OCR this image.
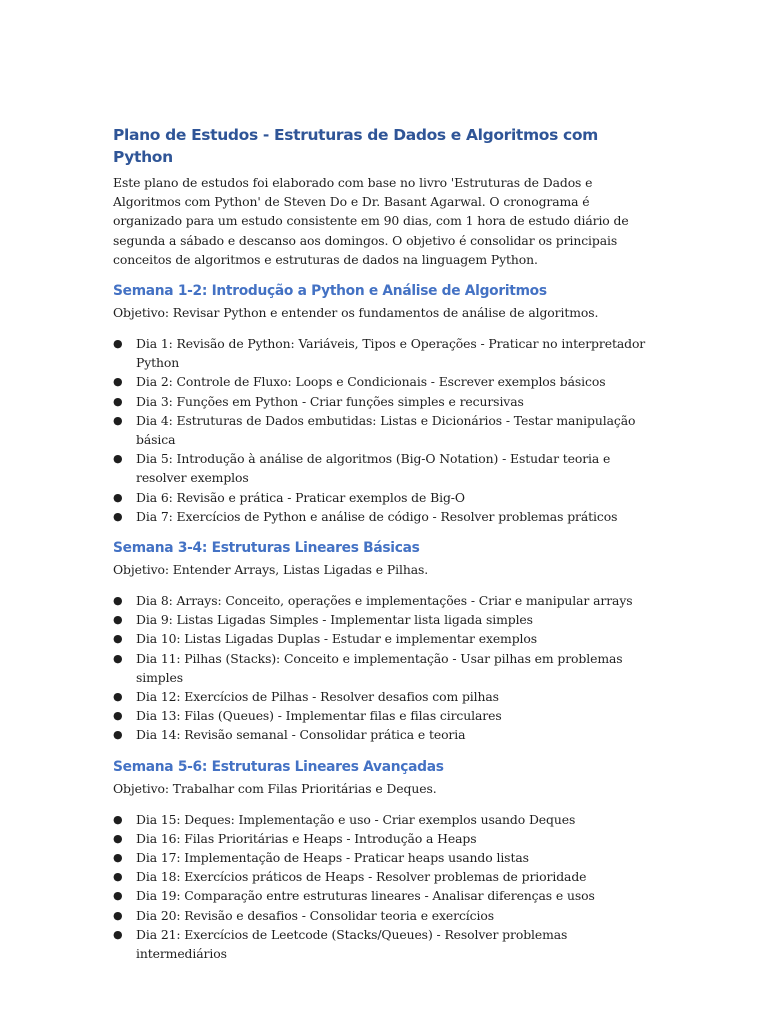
Plano de Estudos - Estruturas de Dados e Algoritmos com Python

Este plano de estudos foi elaborado com base no livro 'Estruturas de Dados e Algoritmos com Python' de Steven Do e Dr. Basant Agarwal. O cronograma é organizado para um estudo consistente em 90 dias, com 1 hora de estudo diário de segunda a sábado e descanso aos domingos. O objetivo é consolidar os principais conceitos de algoritmos e estruturas de dados na linguagem Python.

Semana 1-2: Introdução a Python e Análise de Algoritmos

Objetivo: Revisar Python e entender os fundamentos de análise de algoritmos.

● Dia 1: Revisão de Python: Variáveis, Tipos e Operações - Praticar no interpretador Python
● Dia 2: Controle de Fluxo: Loops e Condicionais - Escrever exemplos básicos
● Dia 3: Funções em Python - Criar funções simples e recursivas
● Dia 4: Estruturas de Dados embutidas: Listas e Dicionários - Testar manipulação básica
● Dia 5: Introdução à análise de algoritmos (Big-O Notation) - Estudar teoria e resolver exemplos
● Dia 6: Revisão e prática - Praticar exemplos de Big-O
● Dia 7: Exercícios de Python e análise de código - Resolver problemas práticos
Semana 3-4: Estruturas Lineares Básicas

Objetivo: Entender Arrays, Listas Ligadas e Pilhas.

● Dia 8: Arrays: Conceito, operações e implementações - Criar e manipular arrays
● Dia 9: Listas Ligadas Simples - Implementar lista ligada simples
● Dia 10: Listas Ligadas Duplas - Estudar e implementar exemplos
● Dia 11: Pilhas (Stacks): Conceito e implementação - Usar pilhas em problemas simples
● Dia 12: Exercícios de Pilhas - Resolver desafios com pilhas
● Dia 13: Filas (Queues) - Implementar filas e filas circulares
● Dia 14: Revisão semanal - Consolidar prática e teoria
Semana 5-6: Estruturas Lineares Avançadas

Objetivo: Trabalhar com Filas Prioritárias e Deques.

● Dia 15: Deques: Implementação e uso - Criar exemplos usando Deques
● Dia 16: Filas Prioritárias e Heaps - Introdução a Heaps
● Dia 17: Implementação de Heaps - Praticar heaps usando listas
● Dia 18: Exercícios práticos de Heaps - Resolver problemas de prioridade
● Dia 19: Comparação entre estruturas lineares - Analisar diferenças e usos
● Dia 20: Revisão e desafios - Consolidar teoria e exercícios
● Dia 21: Exercícios de Leetcode (Stacks/Queues) - Resolver problemas intermediários
